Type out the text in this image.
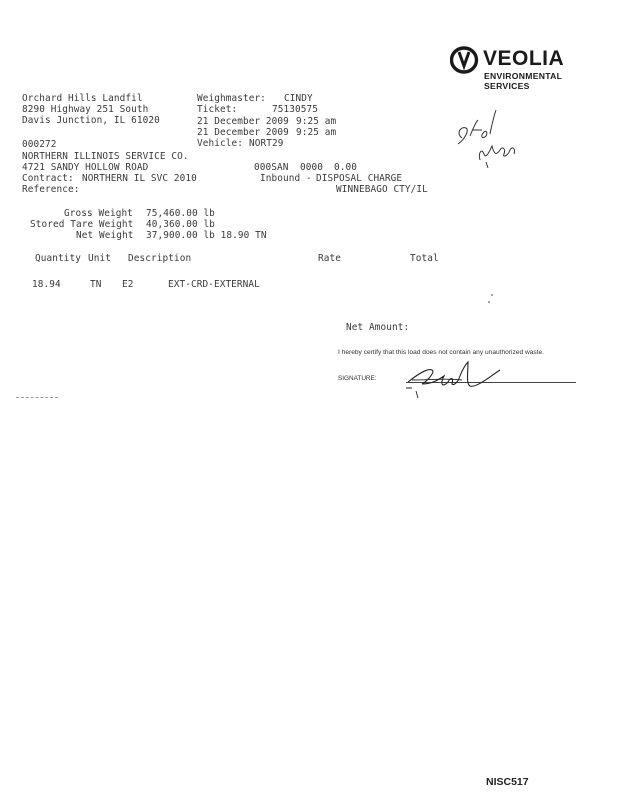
VEOLIA
ENVIRONMENTAL
SERVICES
Orchard Hills Landfil
8290 Highway 251 South
Davis Junction, IL 61020
Weighmaster: CINDY
Ticket:	75130575
21 December 2009 9:25 am
21 December 2009 9:25 am
Vehicle: NORT29
000272
NORTHERN ILLINOIS SERVICE CO.
4721 SANDY HOLLOW ROAD	000SAN 0000 0.00
Contract: NORTHERN IL SVC 2010	Inbound - DISPOSAL CHARGE
Reference:	WINNEBAGO CTY/IL
Gross Weight 75,460.00 lb
Stored Tare Weight 40,360.00 lb
Net Weight 37,900.00 lb 18.90 TN
Quantity Unit Description	Rate	Total
18.94	TN E2	EXT-CRD-EXTERNAL
Net Amount:
I hereby certify that this load does not contain any unauthorized waste.
SIGNATURE:
NISC517
